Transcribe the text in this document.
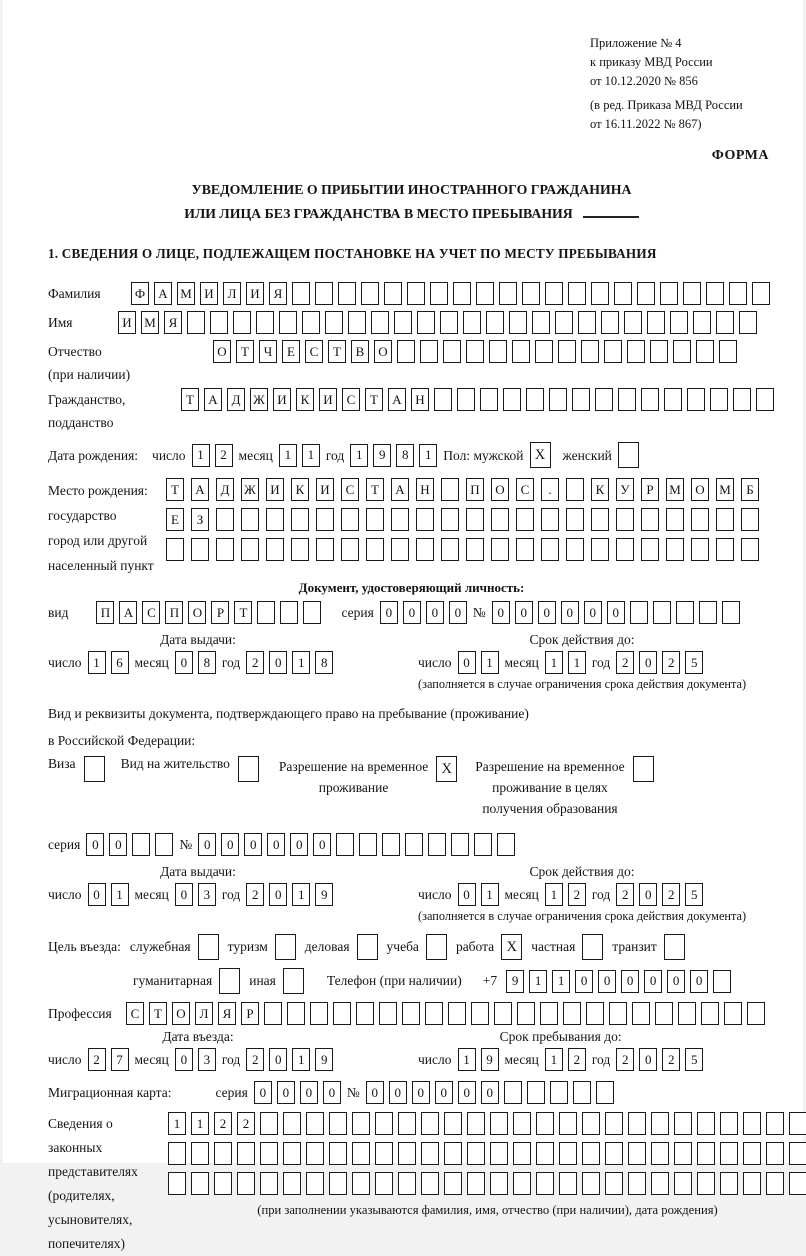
Приложение № 4
к приказу МВД России
от 10.12.2020 № 856
(в ред. Приказа МВД России
от 16.11.2022 № 867)
ФОРМА
УВЕДОМЛЕНИЕ О ПРИБЫТИИ ИНОСТРАННОГО ГРАЖДАНИНА
ИЛИ ЛИЦА БЕЗ ГРАЖДАНСТВА В МЕСТО ПРЕБЫВАНИЯ
1. СВЕДЕНИЯ О ЛИЦЕ, ПОДЛЕЖАЩЕМ ПОСТАНОВКЕ НА УЧЕТ ПО МЕСТУ ПРЕБЫВАНИЯ
Фамилия	Ф	А М И	Л	И	Я
Имя	И М Я
Отчество
(при наличии)
О	Т	Ч	Е	С	Т	В	О
Гражданство,
подданство
Т	А	Д Ж И	К	И	С	Т	А	Н
Дата рождения: число 1	2 месяц 1	1 год 1	9	8	1 Пол: мужской X	женский
Место рождения:
государство
город или другой
населенный пункт
Т	А	Д	Ж	И	К	И	С	Т	А	Н	П	О	С	.	К	У	Р	М	О	М	Б
Е	З
Документ, удостоверяющий личность:
вид	П	А	С	П	О	Р	Т	серия 0	0	0	0 № 0	0	0	0	0	0
Дата выдачи:
число 1	6 месяц 0	8 год 2	0	1	8
Срок действия до:
число 0	1 месяц 1	1 год 2	0	2	5
(заполняется в случае ограничения срока действия документа)
Вид и реквизиты документа, подтверждающего право на пребывание (проживание)
в Российской Федерации:
Виза	Вид на жительство	Разрешение на временное
проживание
X	Разрешение на временное
проживание в целях
получения образования
серия 0	0	№ 0	0	0	0	0	0
Дата выдачи:
число 0	1 месяц 0	3 год 2	0	1	9
Срок действия до:
число 0	1 месяц 1	2 год 2	0	2	5
(заполняется в случае ограничения срока действия документа)
Цель въезда: служебная	туризм	деловая	учеба	работа X	частная	транзит
гуманитарная	иная	Телефон (при наличии) +7	9	1	1	0	0	0	0	0	0
Профессия	С	Т	О	Л	Я	Р
Дата въезда:
число 2	7 месяц 0	3 год 2	0	1	9
Срок пребывания до:
число 1	9 месяц 1	2 год 2	0	2	5
Миграционная карта:	серия 0	0	0	0 № 0	0	0	0	0	0
Сведения о
законных
представителях
(родителях,
усыновителях,
попечителях)
1	1	2	2
(при заполнении указываются фамилия, имя, отчество (при наличии), дата рождения)
